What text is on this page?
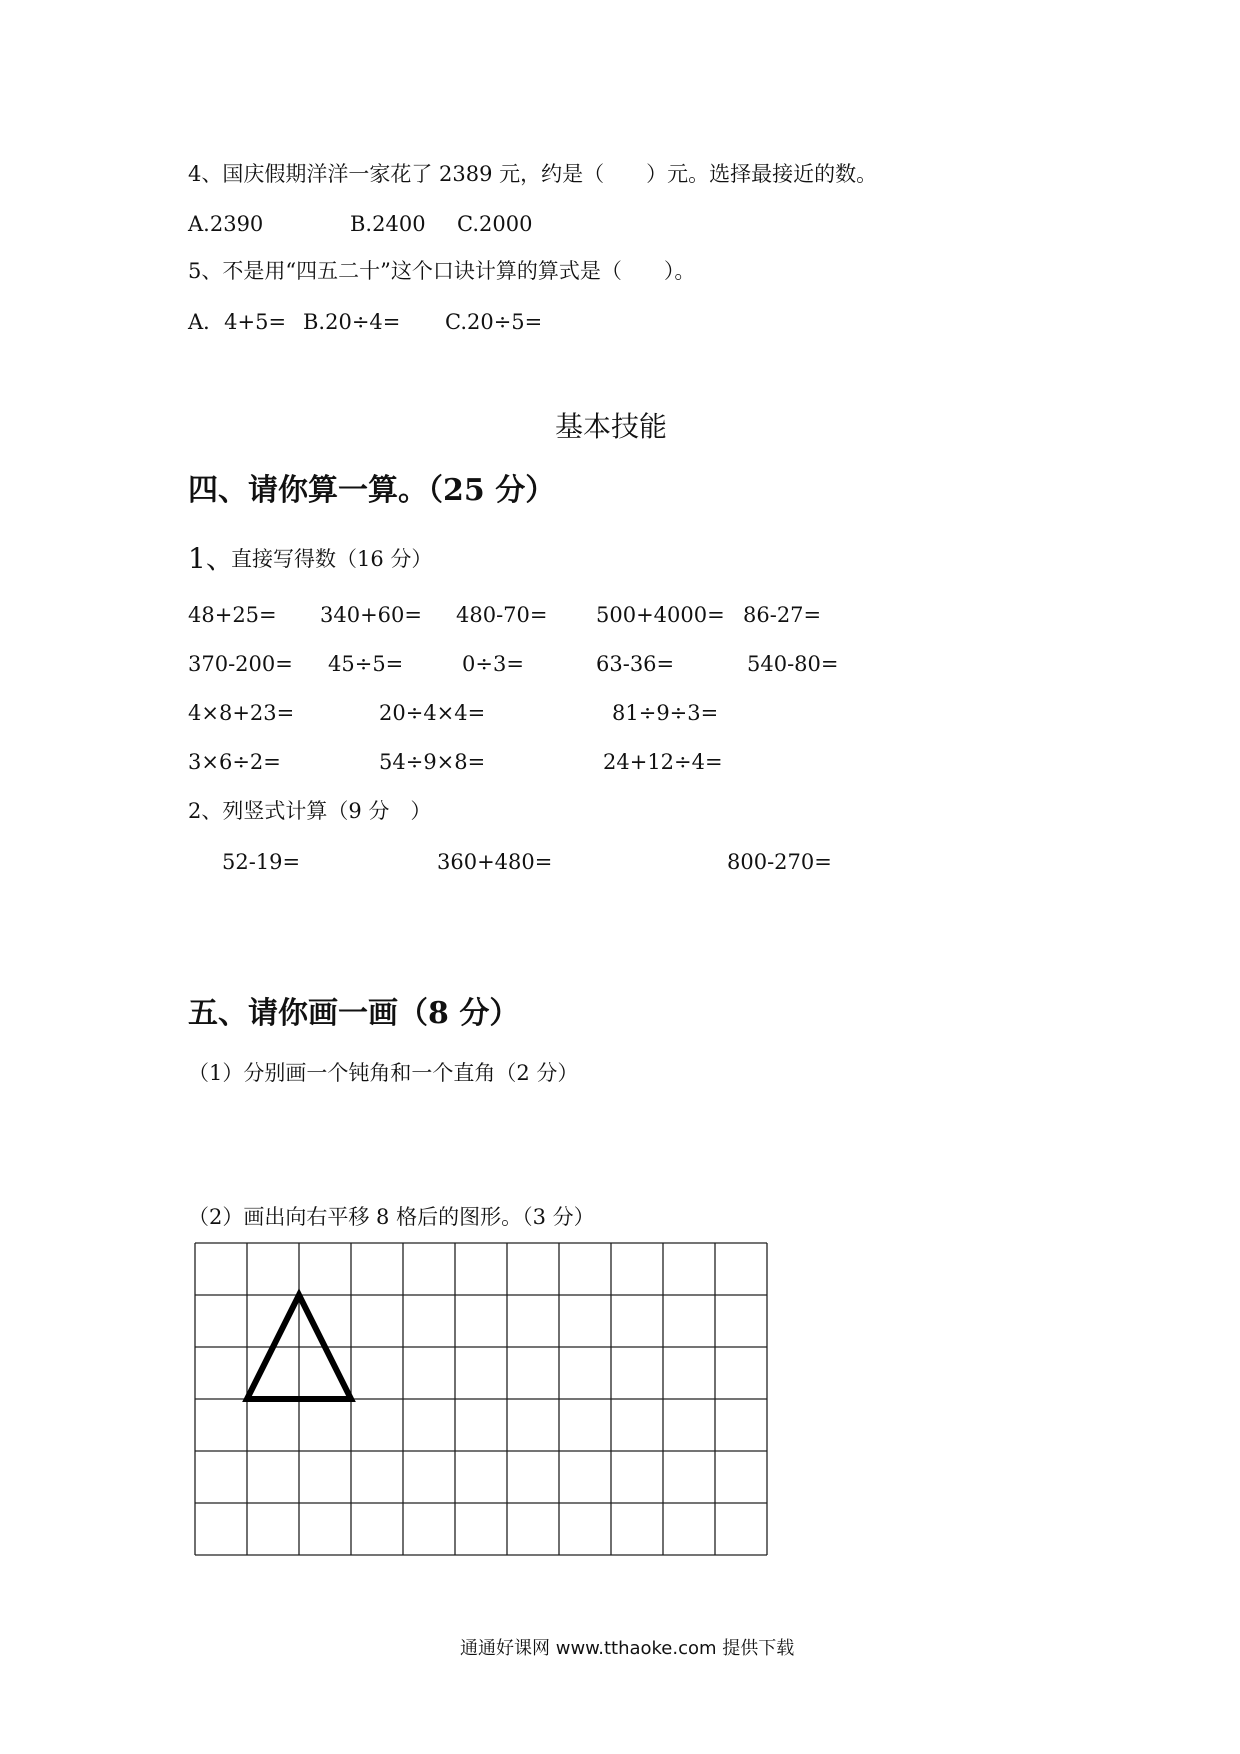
4、国庆假期洋洋一家花了 2389 元，约是（　　）元。选择最接近的数。
A.2390	B.2400 C.2000
5、不是用“四五二十”这个口诀计算的算式是（　　）。
A．4+5= B.20÷4= C.20÷5=
基本技能
四、请你算一算。（25 分）
1、
直接写得数（16 分）
48+25= 340+60= 480-70= 500+4000= 86-27=
370-200= 45÷5=	0÷3=	63-36=	540-80=
4×8+23=	20÷4×4=	81÷9÷3=
3×6÷2=	54÷9×8=	24+12÷4=
2、列竖式计算（9 分　）
52-19=	360+480=	800-270=
五、请你画一画（8 分）
（1）分别画一个钝角和一个直角（2 分）
（2）画出向右平移 8 格后的图形。（3 分）
通通好课网 www.tthaoke.com 提供下载
